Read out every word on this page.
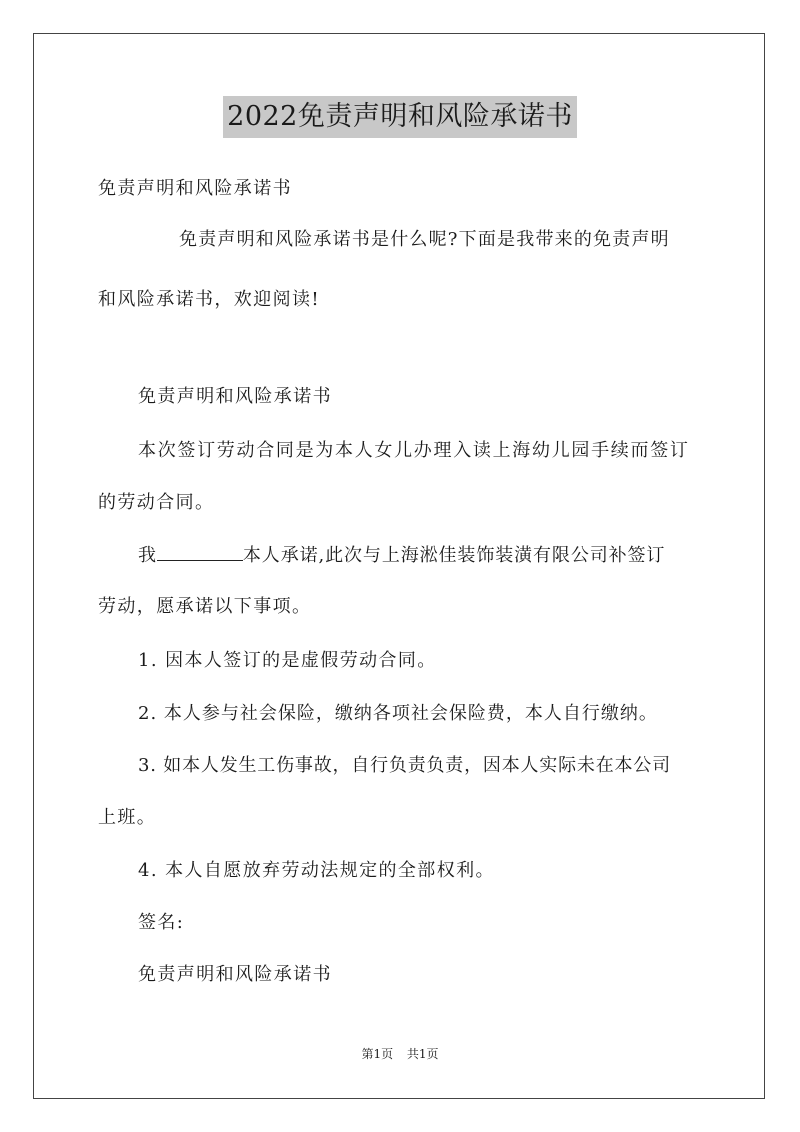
2022免责声明和风险承诺书
免责声明和风险承诺书
免责声明和风险承诺书是什么呢?下面是我带来的免责声明
和风险承诺书，欢迎阅读!
免责声明和风险承诺书
本次签订劳动合同是为本人女儿办理入读上海幼儿园手续而签订
的劳动合同。
我	本人承诺,此次与上海淞佳装饰装潢有限公司补签订
劳动，愿承诺以下事项。
1. 因本人签订的是虚假劳动合同。
2. 本人参与社会保险，缴纳各项社会保险费，本人自行缴纳。
3. 如本人发生工伤事故，自行负责负责，因本人实际未在本公司
上班。
4. 本人自愿放弃劳动法规定的全部权利。
签名:
免责声明和风险承诺书
第1页 共1页
